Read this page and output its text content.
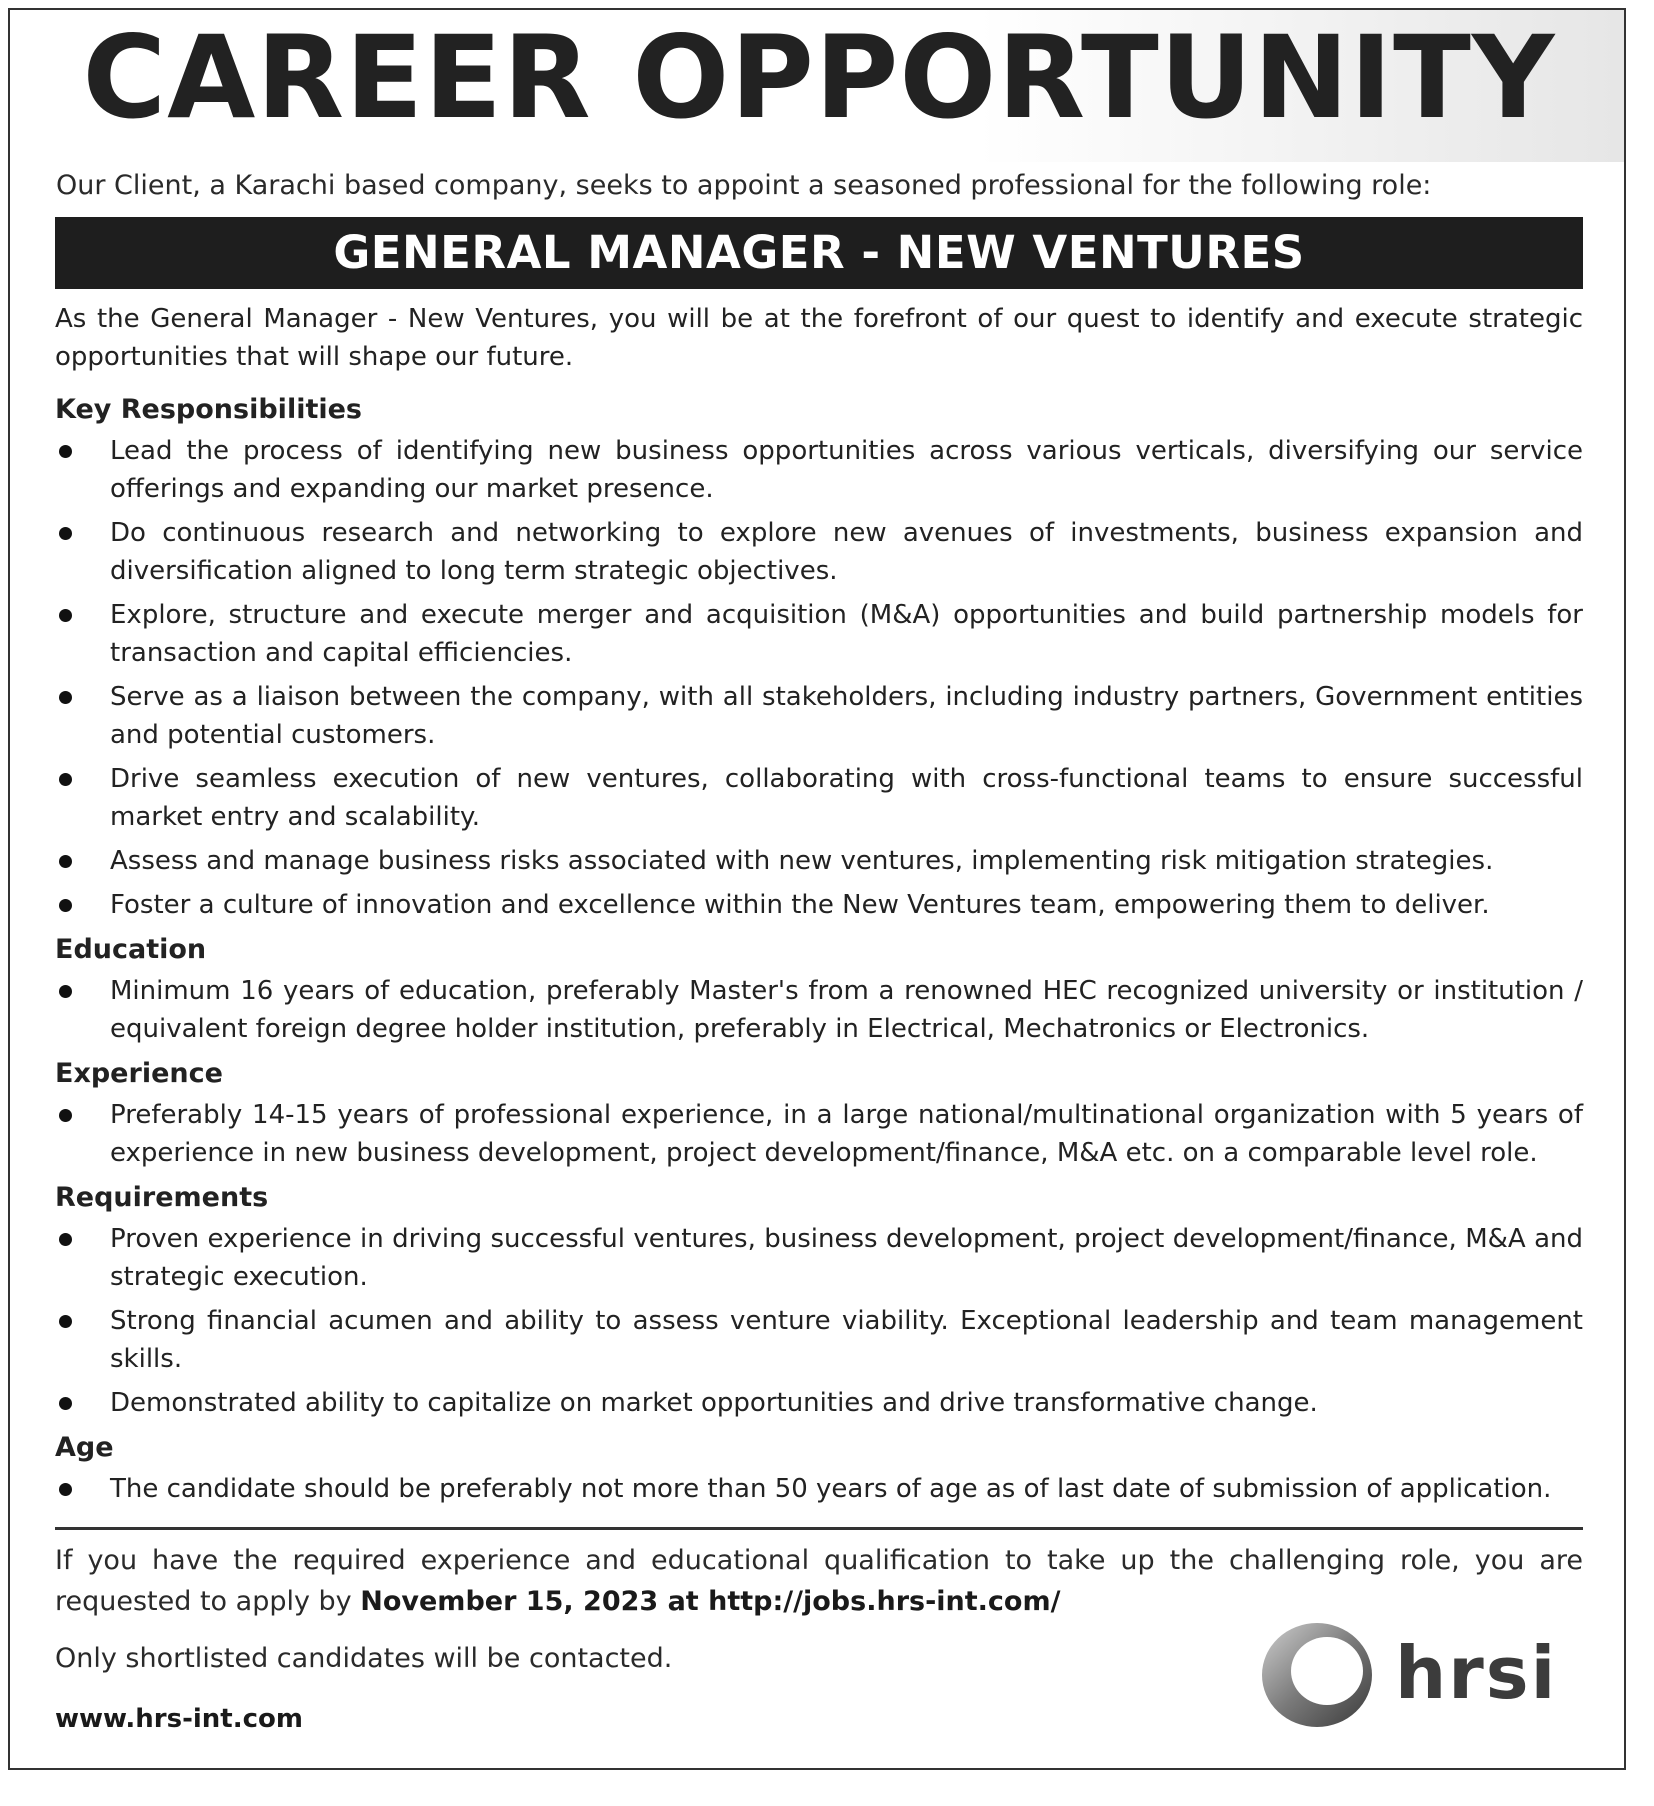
CAREER OPPORTUNITY
Our Client, a Karachi based company, seeks to appoint a seasoned professional for the following role:
GENERAL MANAGER - NEW VENTURES

As the General Manager - New Ventures, you will be at the forefront of our quest to identify and execute strategic opportunities that will shape our future.

Key Responsibilities
Lead the process of identifying new business opportunities across various verticals, diversifying our service offerings and expanding our market presence.
Do continuous research and networking to explore new avenues of investments, business expansion and diversification aligned to long term strategic objectives.
Explore, structure and execute merger and acquisition (M&A) opportunities and build partnership models for transaction and capital efficiencies.
Serve as a liaison between the company, with all stakeholders, including industry partners, Government entities and potential customers.
Drive seamless execution of new ventures, collaborating with cross-functional teams to ensure successful market entry and scalability.
Assess and manage business risks associated with new ventures, implementing risk mitigation strategies.
Foster a culture of innovation and excellence within the New Ventures team, empowering them to deliver.
Education
Minimum 16 years of education, preferably Master's from a renowned HEC recognized university or institution / equivalent foreign degree holder institution, preferably in Electrical, Mechatronics or Electronics.
Experience
Preferably 14-15 years of professional experience, in a large national/multinational organization with 5 years of experience in new business development, project development/finance, M&A etc. on a comparable level role.
Requirements
Proven experience in driving successful ventures, business development, project development/finance, M&A and strategic execution.
Strong financial acumen and ability to assess venture viability. Exceptional leadership and team management skills.
Demonstrated ability to capitalize on market opportunities and drive transformative change.
Age
The candidate should be preferably not more than 50 years of age as of last date of submission of application.
If you have the required experience and educational qualification to take up the challenging role, you are requested to apply by November 15, 2023 at http://jobs.hrs-int.com/
Only shortlisted candidates will be contacted.
www.hrs-int.com
hrsi
